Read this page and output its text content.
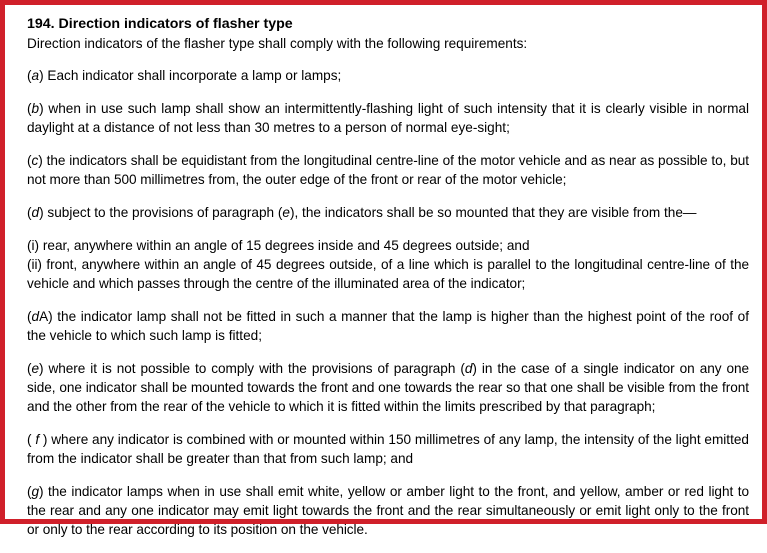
194. Direction indicators of flasher type

Direction indicators of the flasher type shall comply with the following requirements:

(a) Each indicator shall incorporate a lamp or lamps;

(b) when in use such lamp shall show an intermittently-flashing light of such intensity that it is clearly visible in normal daylight at a distance of not less than 30 metres to a person of normal eye-sight;

(c) the indicators shall be equidistant from the longitudinal centre-line of the motor vehicle and as near as possible to, but not more than 500 millimetres from, the outer edge of the front or rear of the motor vehicle;

(d) subject to the provisions of paragraph (e), the indicators shall be so mounted that they are visible from the—

(i) rear, anywhere within an angle of 15 degrees inside and 45 degrees outside; and

(ii) front, anywhere within an angle of 45 degrees outside, of a line which is parallel to the longitudinal centre-line of the vehicle and which passes through the centre of the illuminated area of the indicator;

(dA) the indicator lamp shall not be fitted in such a manner that the lamp is higher than the highest point of the roof of the vehicle to which such lamp is fitted;

(e) where it is not possible to comply with the provisions of paragraph (d) in the case of a single indicator on any one side, one indicator shall be mounted towards the front and one towards the rear so that one shall be visible from the front and the other from the rear of the vehicle to which it is fitted within the limits prescribed by that paragraph;

( f ) where any indicator is combined with or mounted within 150 millimetres of any lamp, the intensity of the light emitted from the indicator shall be greater than that from such lamp; and

(g) the indicator lamps when in use shall emit white, yellow or amber light to the front, and yellow, amber or red light to the rear and any one indicator may emit light towards the front and the rear simultaneously or emit light only to the front or only to the rear according to its position on the vehicle.
